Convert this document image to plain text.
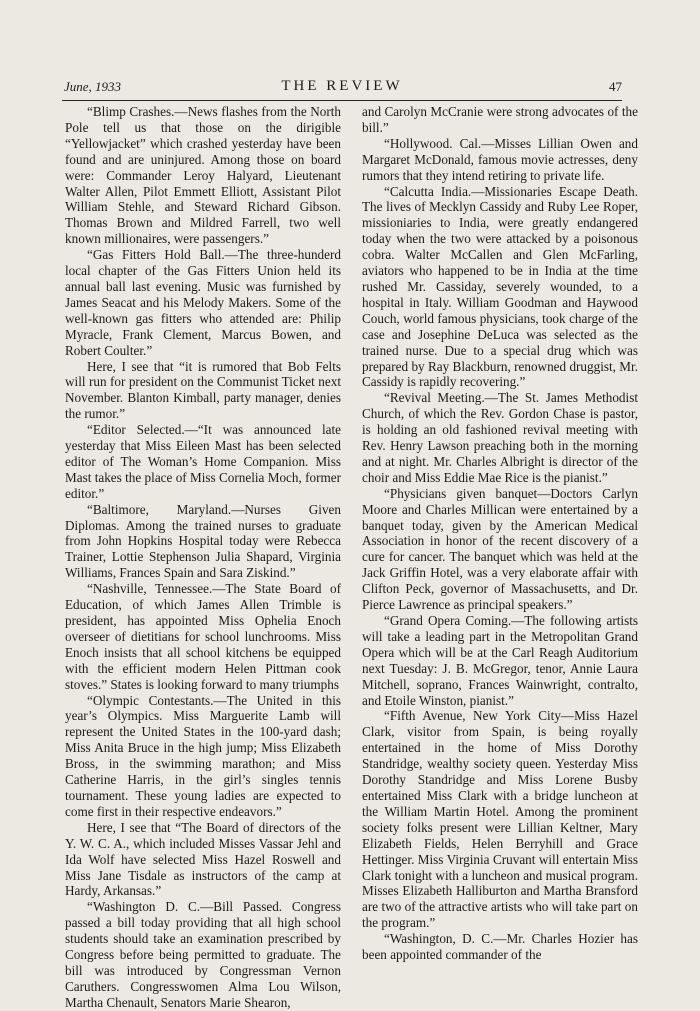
June, 1933	THE REVIEW	47

“Blimp Crashes.—News flashes from the North Pole tell us that those on the dirigible “Yellowjacket” which crashed yesterday have been found and are uninjured. Among those on board were: Commander Leroy Halyard, Lieutenant Walter Allen, Pilot Emmett Elliott, Assistant Pilot William Stehle, and Steward Richard Gibson. Thomas Brown and Mildred Farrell, two well known millionaires, were passengers.”

“Gas Fitters Hold Ball.—The three-hunderd local chapter of the Gas Fitters Union held its annual ball last evening. Music was furnished by James Seacat and his Melody Makers. Some of the well-known gas fitters who attended are: Philip Myracle, Frank Clement, Marcus Bowen, and Robert Coulter.”

Here, I see that “it is rumored that Bob Felts will run for president on the Communist Ticket next November. Blanton Kimball, party manager, denies the rumor.”

“Editor Selected.—“It was announced late yesterday that Miss Eileen Mast has been selected editor of The Woman’s Home Companion. Miss Mast takes the place of Miss Cornelia Moch, former editor.”

“Baltimore, Maryland.—Nurses Given Diplomas. Among the trained nurses to graduate from John Hopkins Hospital today were Rebecca Trainer, Lottie Stephenson Julia Shapard, Virginia Williams, Frances Spain and Sara Ziskind.”

“Nashville, Tennessee.—The State Board of Education, of which James Allen Trimble is president, has appointed Miss Ophelia Enoch overseer of dietitians for school lunchrooms. Miss Enoch insists that all school kitchens be equipped with the efficient modern Helen Pittman cook stoves.” States is looking forward to many triumphs

“Olympic Contestants.—The United in this year’s Olympics. Miss Marguerite Lamb will represent the United States in the 100-yard dash; Miss Anita Bruce in the high jump; Miss Elizabeth Bross, in the swimming marathon; and Miss Catherine Harris, in the girl’s singles tennis tournament. These young ladies are expected to come first in their respective endeavors.”

Here, I see that “The Board of directors of the Y. W. C. A., which included Misses Vassar Jehl and Ida Wolf have selected Miss Hazel Roswell and Miss Jane Tisdale as instructors of the camp at Hardy, Arkansas.”

“Washington D. C.—Bill Passed. Congress passed a bill today providing that all high school students should take an examination prescribed by Congress before being permitted to graduate. The bill was introduced by Congressman Vernon Caruthers. Congresswomen Alma Lou Wilson, Martha Chenault, Senators Marie Shearon,

and Carolyn McCranie were strong advocates of the bill.”

“Hollywood. Cal.—Misses Lillian Owen and Margaret McDonald, famous movie actresses, deny rumors that they intend retiring to private life.

“Calcutta India.—Missionaries Escape Death. The lives of Mecklyn Cassidy and Ruby Lee Roper, missioniaries to India, were greatly endangered today when the two were attacked by a poisonous cobra. Walter McCallen and Glen McFarling, aviators who happened to be in India at the time rushed Mr. Cassiday, severely wounded, to a hospital in Italy. William Goodman and Haywood Couch, world famous physicians, took charge of the case and Josephine DeLuca was selected as the trained nurse. Due to a special drug which was prepared by Ray Blackburn, renowned druggist, Mr. Cassidy is rapidly recovering.”

“Revival Meeting.—The St. James Methodist Church, of which the Rev. Gordon Chase is pastor, is holding an old fashioned revival meeting with Rev. Henry Lawson preaching both in the morning and at night. Mr. Charles Albright is director of the choir and Miss Eddie Mae Rice is the pianist.”

“Physicians given banquet—Doctors Carlyn Moore and Charles Millican were entertained by a banquet today, given by the American Medical Association in honor of the recent discovery of a cure for cancer. The banquet which was held at the Jack Griffin Hotel, was a very elaborate affair with Clifton Peck, governor of Massachusetts, and Dr. Pierce Lawrence as principal speakers.”

“Grand Opera Coming.—The following artists will take a leading part in the Metropolitan Grand Opera which will be at the Carl Reagh Auditorium next Tuesday: J. B. McGregor, tenor, Annie Laura Mitchell, soprano, Frances Wainwright, contralto, and Etoile Winston, pianist.”

“Fifth Avenue, New York City—Miss Hazel Clark, visitor from Spain, is being royally entertained in the home of Miss Dorothy Standridge, wealthy society queen. Yesterday Miss Dorothy Standridge and Miss Lorene Busby entertained Miss Clark with a bridge luncheon at the William Martin Hotel. Among the prominent society folks present were Lillian Keltner, Mary Elizabeth Fields, Helen Berryhill and Grace Hettinger. Miss Virginia Cruvant will entertain Miss Clark tonight with a luncheon and musical program. Misses Elizabeth Halliburton and Martha Bransford are two of the attractive artists who will take part on the program.”

“Washington, D. C.—Mr. Charles Hozier has been appointed commander of the
